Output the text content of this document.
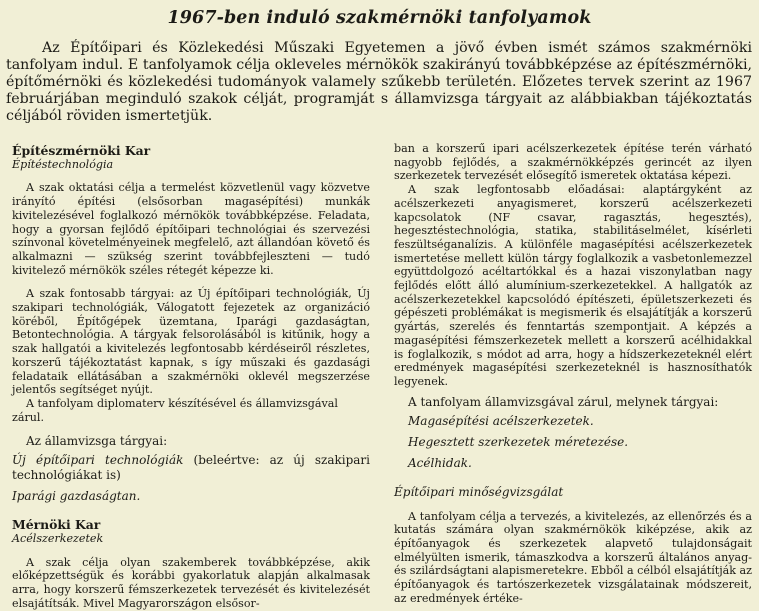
1967-ben induló szakmérnöki tanfolyamok

Az Építőipari és Közlekedési Műszaki Egyetemen a jövő évben ismét számos szakmérnöki tanfolyam indul. E tanfolyamok célja okleveles mérnökök szakirányú továbbképzése az építészmérnöki, építőmérnöki és közlekedési tudományok valamely szűkebb területén. Előzetes tervek szerint az 1967 februárjában meginduló szakok célját, programját s államvizsga tárgyait az alábbiakban tájékoztatás céljából röviden ismertetjük.

Építészmérnöki Kar

Építéstechnológia

A szak oktatási célja a termelést közvetlenül vagy közvetve irányító építési (elsősorban magasépítési) munkák kivitelezésével foglalkozó mérnökök továbbképzése. Feladata, hogy a gyorsan fejlődő építőipari technológiai és szervezési színvonal követelményeinek megfelelő, azt állandóan követő és alkalmazni — szükség szerint továbbfejleszteni — tudó kivitelező mérnökök széles rétegét képezze ki.

A szak fontosabb tárgyai: az Új építőipari technológiák, Új szakipari technológiák, Válogatott fejezetek az organizáció köréből, Építőgépek üzemtana, Iparági gazdaságtan, Betontechnológia. A tárgyak felsorolásából is kitűnik, hogy a szak hallgatói a kivitelezés legfontosabb kérdéseiről részletes, korszerű tájékoztatást kapnak, s így műszaki és gazdasági feladataik ellátásában a szakmérnöki oklevél megszerzése jelentős segítséget nyújt.

A tanfolyam diplomaterv készítésével és államvizsgával zárul.

Az államvizsga tárgyai:

Új építőipari technológiák (beleértve: az új szakipari technológiákat is)

Iparági gazdaságtan.

Mérnöki Kar

Acélszerkezetek

A szak célja olyan szakemberek továbbképzése, akik előképzettségük és korábbi gyakorlatuk alapján alkalmasak arra, hogy korszerű fémszerkezetek tervezését és kivitelezését elsajátítsák. Mivel Magyarországon elsősor-

ban a korszerű ipari acélszerkezetek építése terén várható nagyobb fejlődés, a szakmérnökképzés gerincét az ilyen szerkezetek tervezését elősegítő ismeretek oktatása képezi.

A szak legfontosabb előadásai: alaptárgyként az acélszerkezeti anyagismeret, korszerű acélszerkezeti kapcsolatok (NF csavar, ragasztás, hegesztés), hegesztéstechnológia, statika, stabilitáselmélet, kísérleti feszültséganalízis. A különféle magasépítési acélszerkezetek ismertetése mellett külön tárgy foglalkozik a vasbetonlemezzel együttdolgozó acéltartókkal és a hazai viszonylatban nagy fejlődés előtt álló alumínium-szerkezetekkel. A hallgatók az acélszerkezetekkel kapcsolódó építészeti, épületszerkezeti és gépészeti problémákat is megismerik és elsajátítják a korszerű gyártás, szerelés és fenntartás szempontjait. A képzés a magasépítési fémszerkezetek mellett a korszerű acélhidakkal is foglalkozik, s módot ad arra, hogy a hídszerkezeteknél elért eredmények magasépítési szerkezeteknél is hasznosíthatók legyenek.

A tanfolyam államvizsgával zárul, melynek tárgyai:

Magasépítési acélszerkezetek.

Hegesztett szerkezetek méretezése.

Acélhidak.

Építőipari minőségvizsgálat

A tanfolyam célja a tervezés, a kivitelezés, az ellenőrzés és a kutatás számára olyan szakmérnökök kiképzése, akik az építőanyagok és szerkezetek alapvető tulajdonságait elmélyülten ismerik, támaszkodva a korszerű általános anyag- és szilárdságtani alapismeretekre. Ebből a célból elsajátítják az építőanyagok és tartószerkezetek vizsgálatainak módszereit, az eredmények értéke-
